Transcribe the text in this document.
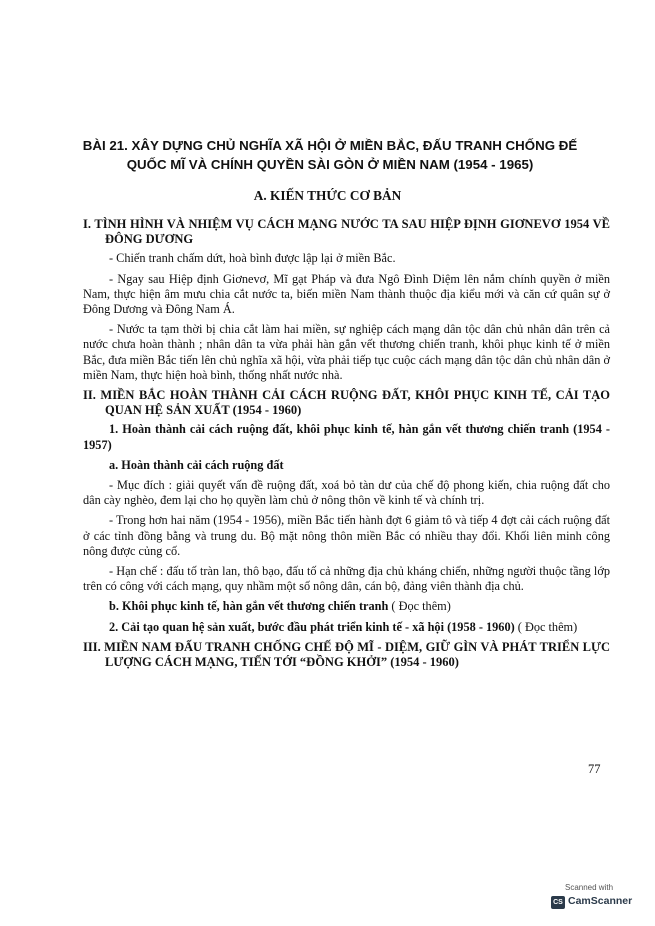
BÀI 21. XÂY DỰNG CHỦ NGHĨA XÃ HỘI Ở MIỀN BẮC, ĐẤU TRANH CHỐNG ĐẾ QUỐC MĨ VÀ CHÍNH QUYỀN SÀI GÒN Ở MIỀN NAM (1954 - 1965)
A. KIẾN THỨC CƠ BẢN

I. TÌNH HÌNH VÀ NHIỆM VỤ CÁCH MẠNG NƯỚC TA SAU HIỆP ĐỊNH GIƠNEVƠ 1954 VỀ ĐÔNG DƯƠNG

- Chiến tranh chấm dứt, hoà bình được lập lại ở miền Bắc.

- Ngay sau Hiệp định Giơnevơ, Mĩ gạt Pháp và đưa Ngô Đình Diệm lên nắm chính quyền ở miền Nam, thực hiện âm mưu chia cắt nước ta, biến miền Nam thành thuộc địa kiểu mới và căn cứ quân sự ở Đông Dương và Đông Nam Á.

- Nước ta tạm thời bị chia cắt làm hai miền, sự nghiệp cách mạng dân tộc dân chủ nhân dân trên cả nước chưa hoàn thành ; nhân dân ta vừa phải hàn gắn vết thương chiến tranh, khôi phục kinh tế ở miền Bắc, đưa miền Bắc tiến lên chủ nghĩa xã hội, vừa phải tiếp tục cuộc cách mạng dân tộc dân chủ nhân dân ở miền Nam, thực hiện hoà bình, thống nhất nước nhà.

II. MIỀN BẮC HOÀN THÀNH CẢI CÁCH RUỘNG ĐẤT, KHÔI PHỤC KINH TẾ, CẢI TẠO QUAN HỆ SẢN XUẤT (1954 - 1960)

1. Hoàn thành cải cách ruộng đất, khôi phục kinh tế, hàn gắn vết thương chiến tranh (1954 - 1957)

a. Hoàn thành cải cách ruộng đất

- Mục đích : giải quyết vấn đề ruộng đất, xoá bỏ tàn dư của chế độ phong kiến, chia ruộng đất cho dân cày nghèo, đem lại cho họ quyền làm chủ ở nông thôn về kinh tế và chính trị.

- Trong hơn hai năm (1954 - 1956), miền Bắc tiến hành đợt 6 giảm tô và tiếp 4 đợt cải cách ruộng đất ở các tỉnh đồng bằng và trung du. Bộ mặt nông thôn miền Bắc có nhiều thay đổi. Khối liên minh công nông được củng cố.

- Hạn chế : đấu tố tràn lan, thô bạo, đấu tố cả những địa chủ kháng chiến, những người thuộc tầng lớp trên có công với cách mạng, quy nhầm một số nông dân, cán bộ, đảng viên thành địa chủ.

b. Khôi phục kinh tế, hàn gắn vết thương chiến tranh ( Đọc thêm)

2. Cải tạo quan hệ sản xuất, bước đầu phát triển kinh tế - xã hội (1958 - 1960) ( Đọc thêm)

III. MIỀN NAM ĐẤU TRANH CHỐNG CHẾ ĐỘ MĨ - DIỆM, GIỮ GÌN VÀ PHÁT TRIỂN LỰC LƯỢNG CÁCH MẠNG, TIẾN TỚI “ĐỒNG KHỞI” (1954 - 1960)

77

Scanned with
CS CamScanner
